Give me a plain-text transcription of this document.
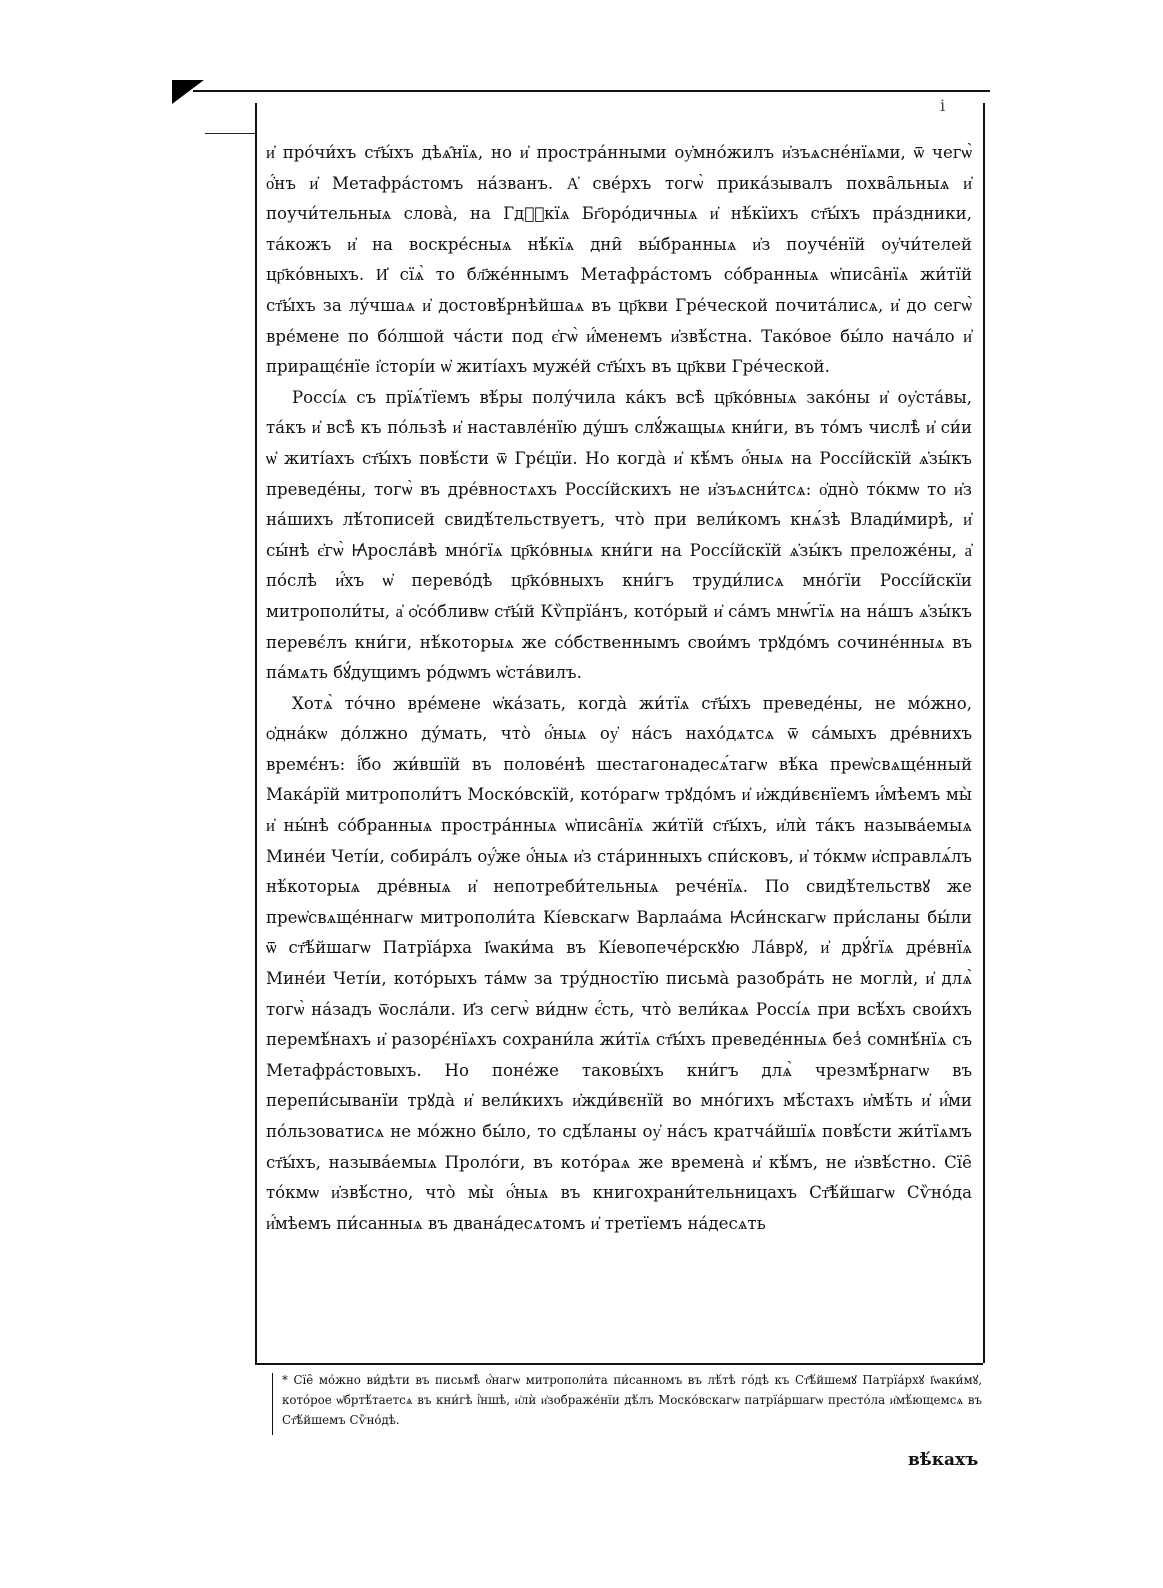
ⅰ

и҆ про́чи́хъ ст҃ы́хъ дѣѧ̑нїѧ, но и҆ простра́нными оу҆мно́жилъ и҆зъѧсне́нїѧми, ѿ чегѡ̀ о҆́нъ и҆ Метафра́стомъ на́званъ. А҆ све́рхъ тогѡ̀ прика́зывалъ похва̑льныѧ и҆ поучи́тельныѧ слова̀, на Гдⷭ҇кїѧ Бг҃оро́дичныѧ и҆ нѣ́кїихъ ст҃ы́хъ пра́здники, та́кожъ и҆ на воскре́сныѧ нѣ́кїѧ дни̑ вы́бранныѧ и҆з поуче́нїй оу҆чи́телей цр҃ко́вныхъ. И҆ сїѧ̀ то бл҃же́ннымъ Метафра́стомъ со́бранныѧ ѡ҆писа̑нїѧ жи́тїй ст҃ы́хъ за лу́чшаѧ и҆ достовѣ́рнѣйшаѧ въ цр҃кви Гре́ческой почита́лисѧ, и҆ до сегѡ̀ вре́мене по бо́лшой ча́сти под є҆гѡ̀ и҆́менемъ и҆звѣ́стна. Тако́вое бы́ло нача́ло и҆ приращє́нїе і҆сторі́и ѡ҆ житі́ахъ муже́й ст҃ы́хъ въ цр҃кви Гре́ческой.

Россі́ѧ съ прїѧ́тїемъ вѣ́ры полу́чила ка́къ всѣ̀ цр҃ко́вныѧ зако́ны и҆ оу҆ста́вы, та́къ и҆ всѣ̀ къ по́льзѣ и҆ наставле́нїю ду́шъ слꙋ́жащыѧ кни́ги, въ то́мъ числѣ̀ и҆ си́и ѡ҆ житі́ахъ ст҃ы́хъ повѣ́сти ѿ Грє́цїи. Но когда̀ и҆ кѣ́мъ о҆́ныѧ на Россі́йскїй ѧ҆зы́къ преведе́ны, тогѡ̀ въ дре́вностѧхъ Россі́йскихъ не и҆зъѧсни́тсѧ: о҆дно̀ то́кмѡ то и҆з на́шихъ лѣ́тописей свидѣ́тельствуетъ, что̀ при вели́комъ кнѧ́зѣ Влади́мирѣ, и҆ сы́нѣ є҆гѡ̀ Ꙗ҆росла́вѣ мно́гїѧ цр҃ко́вныѧ кни́ги на Россі́йскїй ѧ҆зы́къ преложе́ны, а҆ по́слѣ и҆́хъ ѡ҆ перево́дѣ цр҃ко́вныхъ кни́гъ труди́лисѧ мно́гїи Россі́йскїи митрополи́ты, а҆ ѻ҆со́бливѡ ст҃ы́й Кѷпрїа́нъ, кото́рый и҆ са́мъ мнѡ́гїѧ на на́шъ ѧ҆зы́къ перевє́лъ кни́ги, нѣ́которыѧ же со́бственнымъ свои́мъ трꙋдо́мъ сочине́нныѧ въ па́мѧть бꙋ́дущимъ ро́дѡмъ ѡ҆ста́вилъ.

Хотѧ̀ то́чно вре́мене ѡ҆ка́зать, когда̀ жи́тїѧ ст҃ы́хъ преведе́ны, не мо́жно, ѻ҆дна́кѡ до́лжно ду́мать, что̀ о҆́ныѧ оу҆ на́съ нахо́дѧтсѧ ѿ са́мыхъ дре́внихъ времє́нъ: і҆́бо жи́вшїй въ полове́нѣ шестагонадесѧ́тагѡ вѣ́ка преѡ҆свѧще́нный Мака́рїй митрополи́тъ Моско́вскїй, кото́рагѡ трꙋдо́мъ и҆ и҆жди́вєнїемъ и҆́мѣемъ мы̀ и҆ ны́нѣ со́бранныѧ простра́нныѧ ѡ҆писа̑нїѧ жи́тїй ст҃ы́хъ, и҆лѝ та́къ называ́емыѧ Мине́и Четі́и, собира́лъ оу҆́же о҆́ныѧ и҆з ста́ринныхъ спи́сковъ, и҆ то́кмѡ и҆справлѧ́лъ нѣ́которыѧ дре́вныѧ и҆ непотреби́тельныѧ рече́нїѧ. По свидѣ́тельствꙋ же преѡ҆свѧще́ннагѡ митрополи́та Кі́евскагѡ Варлаа́ма Ꙗ҆си́нскагѡ при́сланы бы́ли ѿ ст҃ѣ́йшагѡ Патрїа́рха І҆ѡаки́ма въ Кі́евопече́рскꙋю Ла́врꙋ, и҆ дрꙋ́гїѧ дре́внїѧ Мине́и Четі́и, кото́рыхъ та́мѡ за тру́дностїю письма̀ разобра́ть не моглѝ, и҆ длѧ̀ тогѡ̀ на́задъ ѿосла́ли. И҆з сегѡ̀ ви́днѡ є҆́сть, что̀ вели́каѧ Россі́ѧ при всѣ́хъ свои́хъ перемѣ́нахъ и҆ разорє́нїѧхъ сохрани́ла жи́тїѧ ст҃ы́хъ преведе́нныѧ без̾ сомнѣ́нїѧ съ Метафра́стовыхъ. Но поне́же таковы́хъ кни́гъ длѧ̀ чрезмѣ́рнагѡ въ перепи́сыванїи трꙋда̀ и҆ вели́кихъ и҆жди́вєнїй во мно́гихъ мѣ́стахъ и҆мѣ́ть и҆ и҆́ми по́льзоватисѧ не мо́жно бы́ло, то сдѣ́ланы оу҆ на́съ кратча́йшїѧ повѣ́сти жи́тїѧмъ ст҃ы́хъ, называ́емыѧ Проло́ги, въ кото́раѧ же времена̀ и҆ кѣ́мъ, не и҆звѣ́стно. Сїе̑ то́кмѡ и҆звѣ́стно, что̀ мы̀ о҆́ныѧ въ книгохрани́тельницахъ Ст҃ѣ́йшагѡ Сѷно́да и҆́мѣемъ пи́санныѧ въ двана́десѧтомъ и҆ третїемъ на́десѧть

* Сїе̑ мо́жно ви́дѣти въ письмѣ̀ о҆́нагѡ митрополи́та пи́санномъ въ лѣ́тѣ го́дѣ къ Ст҃ѣ́йшемꙋ Патрїа́рхꙋ І҆ѡаки́мꙋ, кото́рое ѡ҆бртѣ́таетсѧ въ кни́гѣ і҆́ншѣ, и҆лѝ и҆зображе́нїи дѣ́лъ Моско́вскагѡ патрїа́ршагѡ престо́ла и҆мѣ́ющемсѧ въ Ст҃ѣ́йшемъ Сѷно́дѣ.

вѣ́кахъ
